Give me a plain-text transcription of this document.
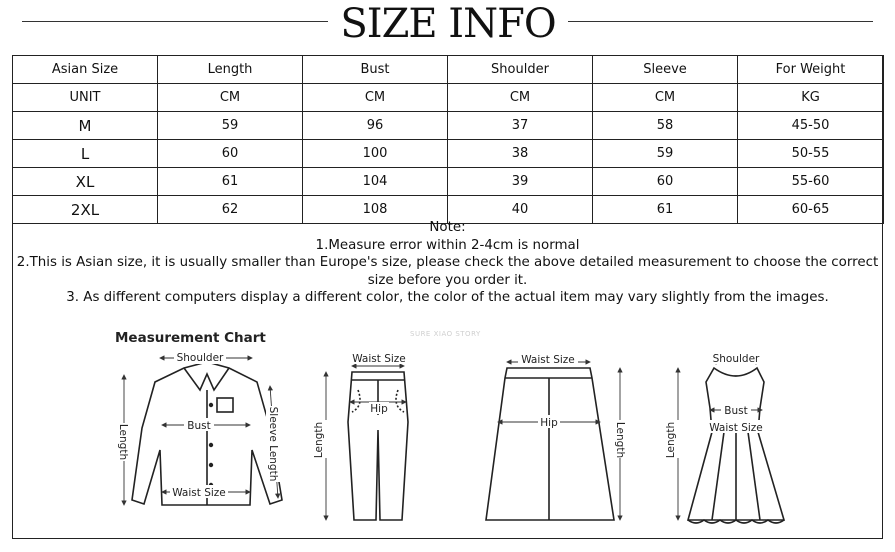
SIZE INFO
Asian Size	Length	Bust	Shoulder	Sleeve	For Weight
UNIT	CM	CM	CM	CM	KG
M	59	96	37	58	45-50
L	60	100	38	59	50-55
XL	61	104	39	60	55-60
2XL	62	108	40	61	60-65
Note:
1.Measure error within 2-4cm is normal
2.This is Asian size, it is usually smaller than Europe's size, please check the above detailed measurement to choose the correct size before you order it.
3. As different computers display a different color, the color of the actual item may vary slightly from the images.
Measurement Chart	SURE XIAO STORY
Shoulder
Bust
Waist Size
Length	Sleeve Length
Waist Size
Hip
Length
Waist Size
Hip	Length
Shoulder
Bust
Waist Size
Length
